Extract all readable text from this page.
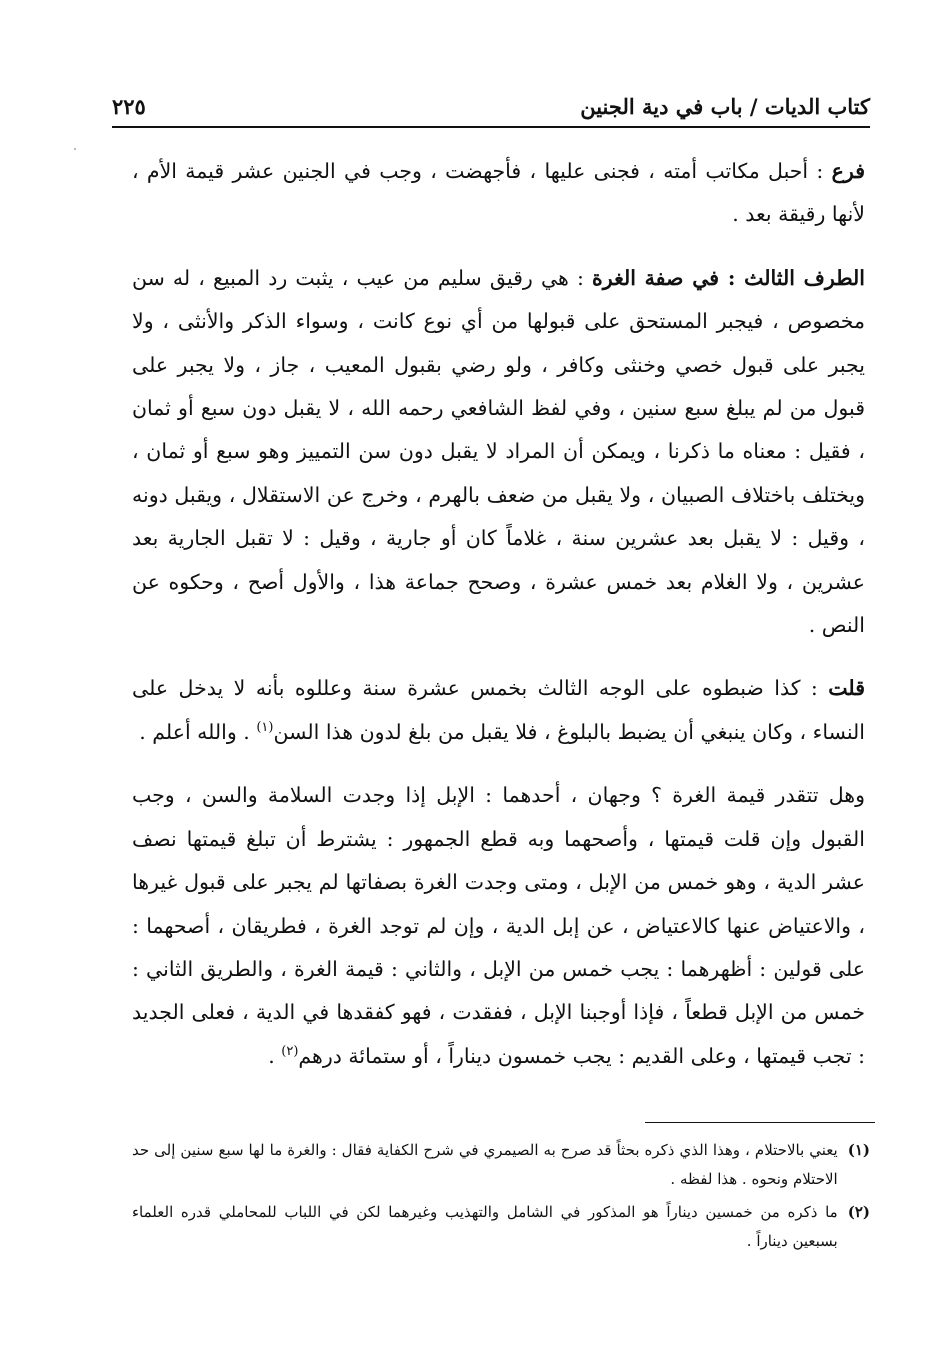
كتاب الديات / باب في دية الجنين
٢٢٥

فرع : أحبل مكاتب أمته ، فجنى عليها ، فأجهضت ، وجب في الجنين عشر قيمة الأم ، لأنها رقيقة بعد .

الطرف الثالث : في صفة الغرة : هي رقيق سليم من عيب ، يثبت رد المبيع ، له سن مخصوص ، فيجبر المستحق على قبولها من أي نوع كانت ، وسواء الذكر والأنثى ، ولا يجبر على قبول خصي وخنثى وكافر ، ولو رضي بقبول المعيب ، جاز ، ولا يجبر على قبول من لم يبلغ سبع سنين ، وفي لفظ الشافعي رحمه الله ، لا يقبل دون سبع أو ثمان ، فقيل : معناه ما ذكرنا ، ويمكن أن المراد لا يقبل دون سن التمييز وهو سبع أو ثمان ، ويختلف باختلاف الصبيان ، ولا يقبل من ضعف بالهرم ، وخرج عن الاستقلال ، ويقبل دونه ، وقيل : لا يقبل بعد عشرين سنة ، غلاماً كان أو جارية ، وقيل : لا تقبل الجارية بعد عشرين ، ولا الغلام بعد خمس عشرة ، وصحح جماعة هذا ، والأول أصح ، وحكوه عن النص .

قلت : كذا ضبطوه على الوجه الثالث بخمس عشرة سنة وعللوه بأنه لا يدخل على النساء ، وكان ينبغي أن يضبط بالبلوغ ، فلا يقبل من بلغ لدون هذا السن$^{(١)}$ . والله أعلم .

وهل تتقدر قيمة الغرة ؟ وجهان ، أحدهما : الإبل إذا وجدت السلامة والسن ، وجب القبول وإن قلت قيمتها ، وأصحهما وبه قطع الجمهور : يشترط أن تبلغ قيمتها نصف عشر الدية ، وهو خمس من الإبل ، ومتى وجدت الغرة بصفاتها لم يجبر على قبول غيرها ، والاعتياض عنها كالاعتياض ، عن إبل الدية ، وإن لم توجد الغرة ، فطريقان ، أصحهما : على قولين : أظهرهما : يجب خمس من الإبل ، والثاني : قيمة الغرة ، والطريق الثاني : خمس من الإبل قطعاً ، فإذا أوجبنا الإبل ، ففقدت ، فهو كفقدها في الدية ، فعلى الجديد : تجب قيمتها ، وعلى القديم : يجب خمسون ديناراً ، أو ستمائة درهم$^{(٢)}$ .

(١)
يعني بالاحتلام ، وهذا الذي ذكره بحثاً قد صرح به الصيمري في شرح الكفاية فقال : والغرة ما لها سبع سنين إلى حد الاحتلام ونحوه . هذا لفظه .
(٢)
ما ذكره من خمسين ديناراً هو المذكور في الشامل والتهذيب وغيرهما لكن في اللباب للمحاملي قدره العلماء بسبعين ديناراً .
